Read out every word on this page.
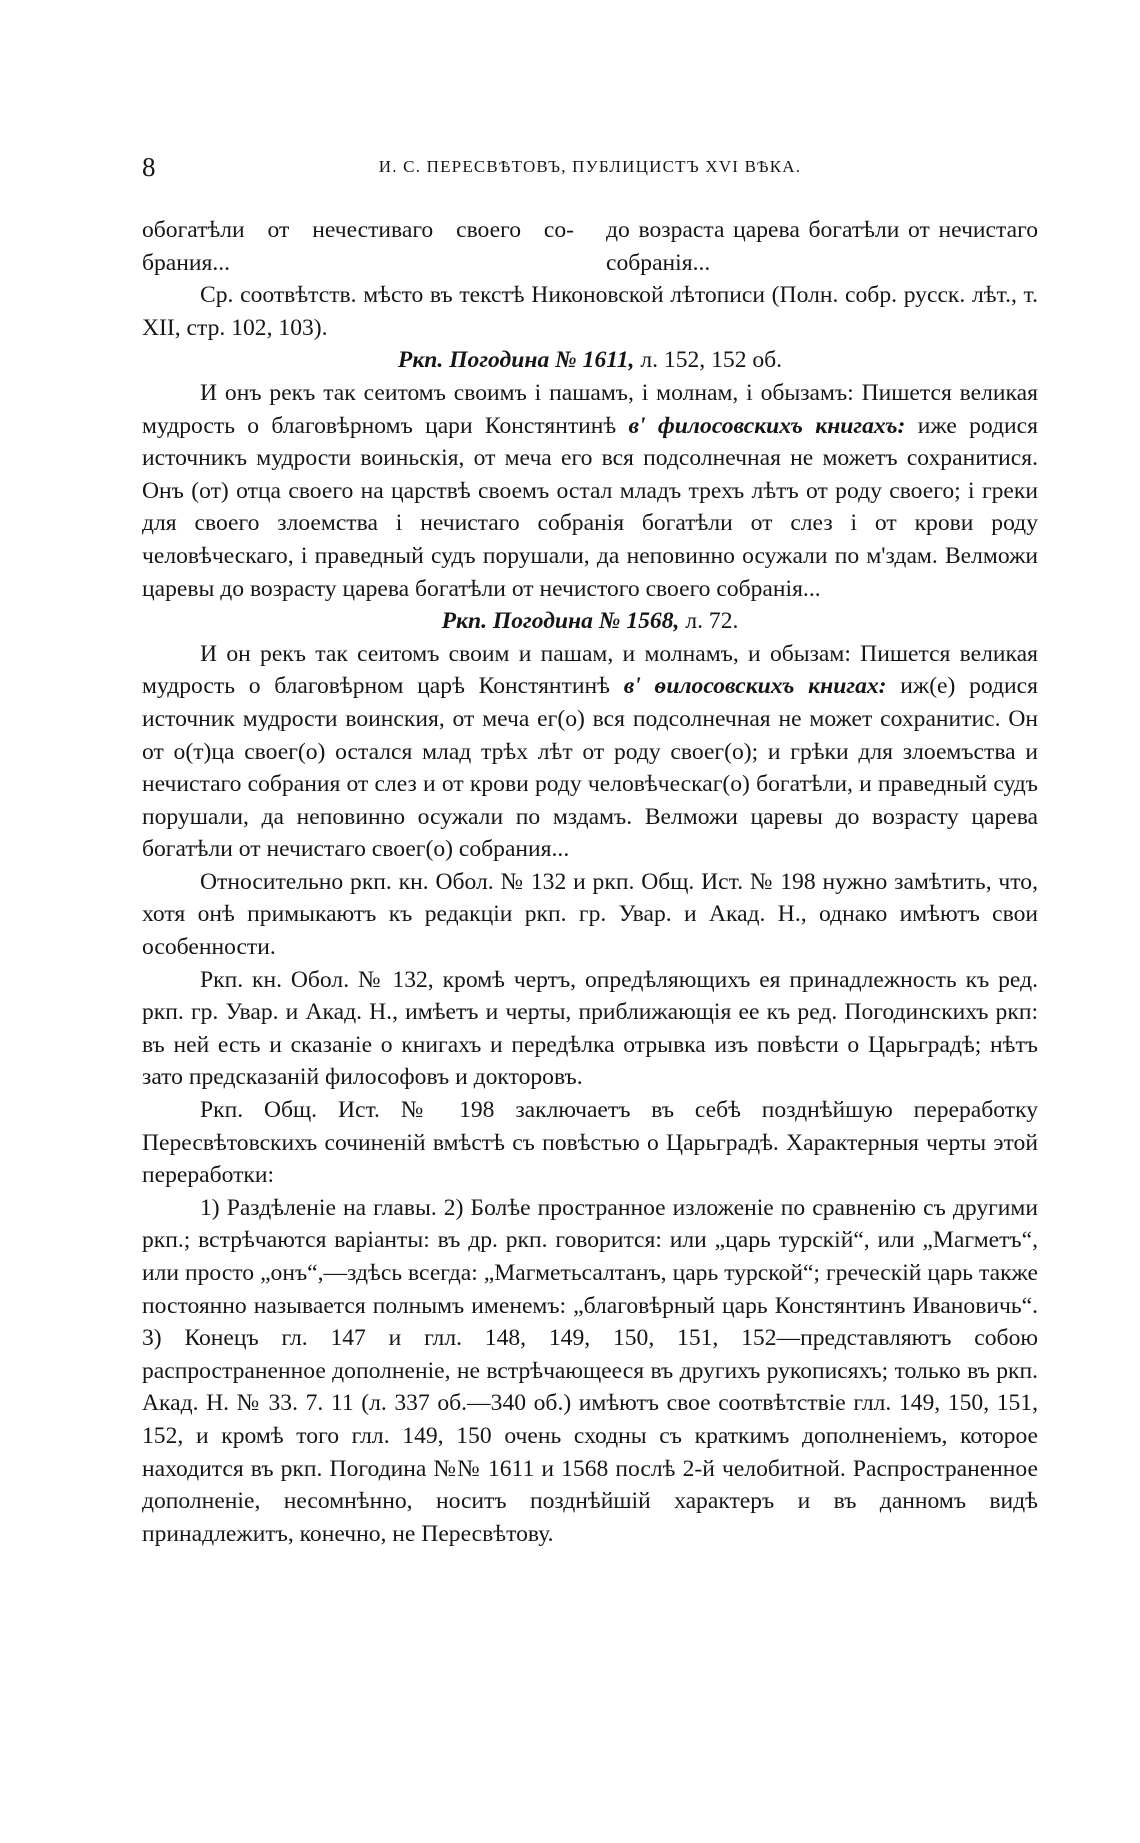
8	И. С. ПЕРЕСВѢТОВЪ, ПУБЛИЦИСТЪ XVI ВѢКА.

обогатѣли от нечестиваго своего со-брания...

до возраста царева богатѣли от нечистаго собранія...

Ср. соотвѣтств. мѣсто въ текстѣ Никоновской лѣтописи (Полн. собр. русск. лѣт., т. XII, стр. 102, 103).

Ркп. Погодина № 1611, л. 152, 152 об.

И онъ рекъ так сеитомъ своимъ і пашамъ, і молнам, і обызамъ: Пишется великая мудрость о благовѣрномъ цари Констянтинѣ в' филосовскихъ книгахъ: иже родися источникъ мудрости воиньскія, от меча его вся подсолнечная не можетъ сохранитися. Онъ (от) отца своего на царствѣ своемъ остал младъ трехъ лѣтъ от роду своего; і греки для своего злоемства і нечистаго собранія богатѣли от слез і от крови роду человѣческаго, і праведный судъ порушали, да неповинно осужали по м'здам. Велможи царевы до возрасту царева богатѣли от нечистого своего собранія...

Ркп. Погодина № 1568, л. 72.

И он рекъ так сеитомъ своим и пашам, и молнамъ, и обызам: Пишется великая мудрость о благовѣрном царѣ Констянтинѣ в' ѳилосовскихъ книгах: иж(е) родися источник мудрости воинския, от меча ег(о) вся подсолнечная не может сохранитис. Он от о(т)ца своег(о) остался млад трѣх лѣт от роду своег(о); и грѣки для злоемъства и нечистаго собрания от слез и от крови роду человѣческаг(о) богатѣли, и праведный судъ порушали, да неповинно осужали по мздамъ. Велможи царевы до возрасту царева богатѣли от нечистаго своег(о) собрания...

Относительно ркп. кн. Обол. № 132 и ркп. Общ. Ист. № 198 нужно замѣтить, что, хотя онѣ примыкаютъ къ редакціи ркп. гр. Увар. и Акад. Н., однако имѣютъ свои особенности.

Ркп. кн. Обол. № 132, кромѣ чертъ, опредѣляющихъ ея принадлежность къ ред. ркп. гр. Увар. и Акад. Н., имѣетъ и черты, приближающія ее къ ред. Погодинскихъ ркп: въ ней есть и сказаніе о книгахъ и передѣлка отрывка изъ повѣсти о Царьградѣ; нѣтъ зато предсказаній философовъ и докторовъ.

Ркп. Общ. Ист. № 198 заключаетъ въ себѣ позднѣйшую переработку Пересвѣтовскихъ сочиненій вмѣстѣ съ повѣстью о Царьградѣ. Характерныя черты этой переработки:

1) Раздѣленіе на главы. 2) Болѣе пространное изложеніе по сравненію съ другими ркп.; встрѣчаются варіанты: въ др. ркп. говорится: или „царь турскій“, или „Магметъ“, или просто „онъ“,—здѣсь всегда: „Магметьсалтанъ, царь турской“; греческій царь также постоянно называется полнымъ именемъ: „благовѣрный царь Констянтинъ Ивановичь“. 3) Конецъ гл. 147 и глл. 148, 149, 150, 151, 152—представляютъ собою распространенное дополненіе, не встрѣчающееся въ другихъ рукописяхъ; только въ ркп. Акад. Н. № 33. 7. 11 (л. 337 об.—340 об.) имѣютъ свое соотвѣтствіе глл. 149, 150, 151, 152, и кромѣ того глл. 149, 150 очень сходны съ краткимъ дополненіемъ, которое находится въ ркп. Погодина №№ 1611 и 1568 послѣ 2-й челобитной. Распространенное дополненіе, несомнѣнно, носитъ позднѣйшій характеръ и въ данномъ видѣ принадлежитъ, конечно, не Пересвѣтову.
